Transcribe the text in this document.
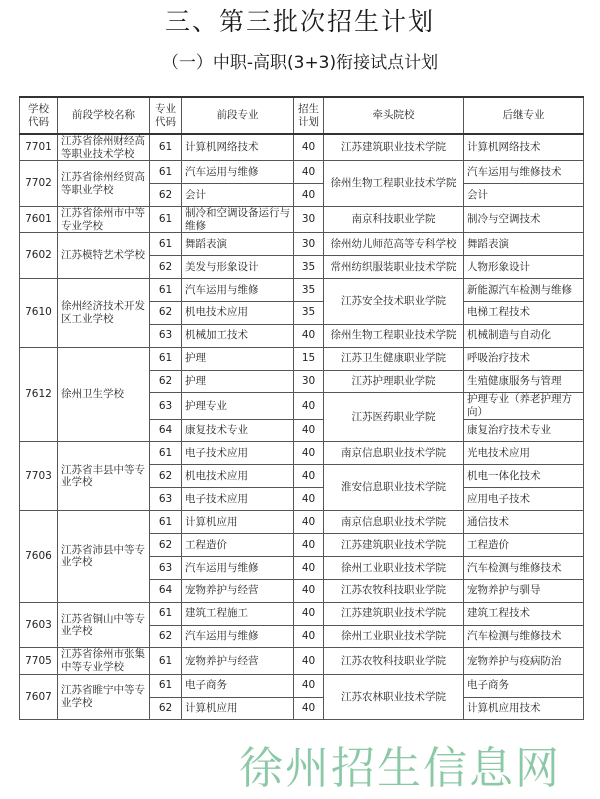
三、第三批次招生计划
（一）中职-高职(3+3)衔接试点计划
学校代码	前段学校名称	专业代码	前段专业	招生计划	牵头院校	后继专业
7701	江苏省徐州财经高等职业技术学校	61	计算机网络技术	40	江苏建筑职业技术学院	计算机网络技术
7702	江苏省徐州经贸高等职业学校	61	汽车运用与维修	40	徐州生物工程职业技术学院	汽车运用与维修技术
		62	会计	40		会计
7601	江苏省徐州市中等专业学校	61	制冷和空调设备运行与维修	30	南京科技职业学院	制冷与空调技术
7602	江苏模特艺术学校	61	舞蹈表演	30	徐州幼儿师范高等专科学校	舞蹈表演
		62	美发与形象设计	35	常州纺织服装职业技术学院	人物形象设计
7610	徐州经济技术开发区工业学校	61	汽车运用与维修	35	江苏安全技术职业学院	新能源汽车检测与维修
		62	机电技术应用	35		电梯工程技术
		63	机械加工技术	40	徐州生物工程职业技术学院	机械制造与自动化
7612	徐州卫生学校	61	护理	15	江苏卫生健康职业学院	呼吸治疗技术
		62	护理	30	江苏护理职业学院	生殖健康服务与管理
		63	护理专业	40	江苏医药职业学院	护理专业（养老护理方向）
		64	康复技术专业	40		康复治疗技术专业
7703	江苏省丰县中等专业学校	61	电子技术应用	40	南京信息职业技术学院	光电技术应用
		62	机电技术应用	40	淮安信息职业技术学院	机电一体化技术
		63	电子技术应用	40		应用电子技术
7606	江苏省沛县中等专业学校	61	计算机应用	40	南京信息职业技术学院	通信技术
		62	工程造价	40	江苏建筑职业技术学院	工程造价
		63	汽车运用与维修	40	徐州工业职业技术学院	汽车检测与维修技术
		64	宠物养护与经营	40	江苏农牧科技职业学院	宠物养护与驯导
7603	江苏省铜山中等专业学校	61	建筑工程施工	40	江苏建筑职业技术学院	建筑工程技术
		62	汽车运用与维修	40	徐州工业职业技术学院	汽车检测与维修技术
7705	江苏省徐州市张集中等专业学校	61	宠物养护与经营	40	江苏农牧科技职业学院	宠物养护与疫病防治
7607	江苏省睢宁中等专业学校	61	电子商务	40	江苏农林职业技术学院	电子商务
		62	计算机应用	40		计算机应用技术
徐州招生信息网
